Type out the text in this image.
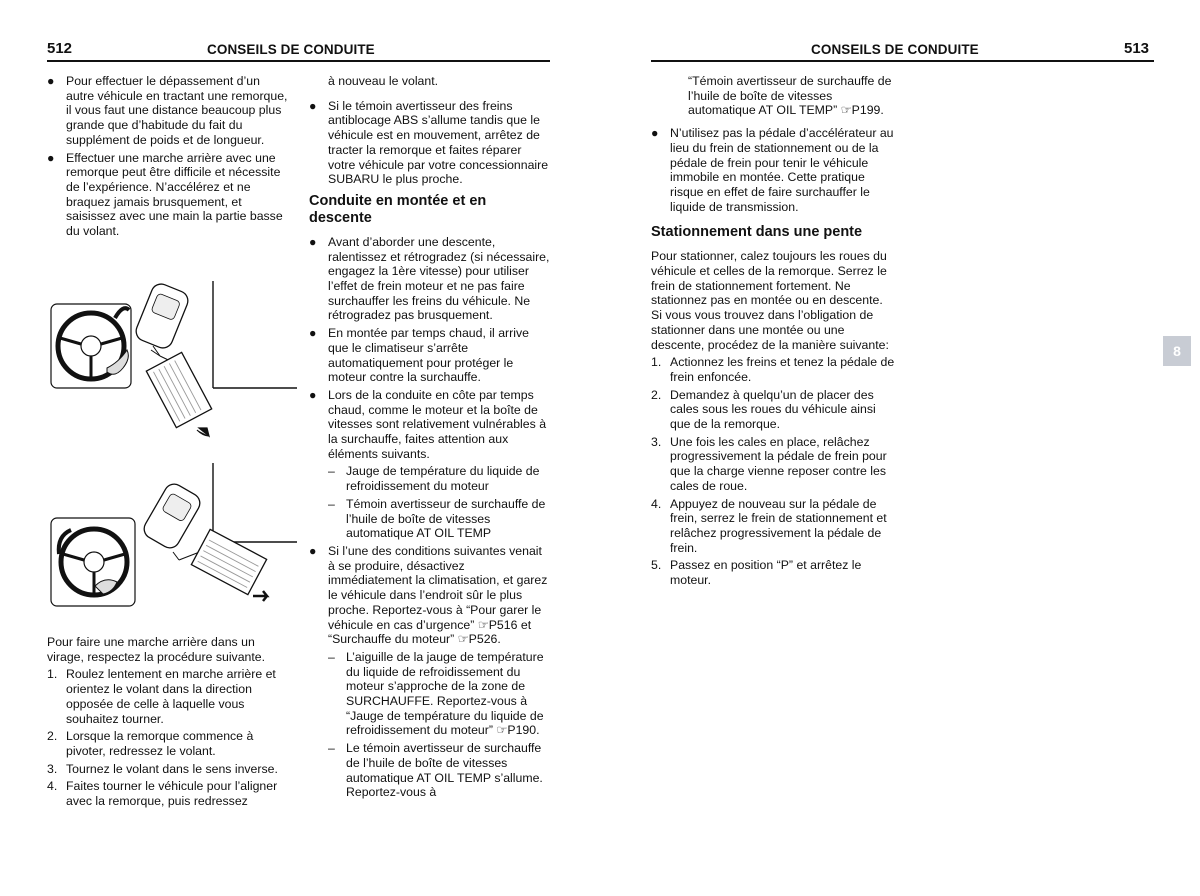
512	CONSEILS DE CONDUITE	CONSEILS DE CONDUITE	513
8
● Pour effectuer le dépassement d’un autre véhicule en tractant une remorque, il vous faut une distance beaucoup plus grande que d’habitude du fait du supplément de poids et de longueur.
● Effectuer une marche arrière avec une remorque peut être difficile et nécessite de l’expérience. N’accélérez et ne braquez jamais brusquement, et saisissez avec une main la partie basse du volant.

Pour faire une marche arrière dans un virage, respectez la procédure suivante.

1. Roulez lentement en marche arrière et orientez le volant dans la direction opposée de celle à laquelle vous souhaitez tourner.
2. Lorsque la remorque commence à pivoter, redressez le volant.
3. Tournez le volant dans le sens inverse.
4. Faites tourner le véhicule pour l’aligner avec la remorque, puis redressez

à nouveau le volant.

● Si le témoin avertisseur des freins antiblocage ABS s’allume tandis que le véhicule est en mouvement, arrêtez de tracter la remorque et faites réparer votre véhicule par votre concessionnaire SUBARU le plus proche.
Conduite en montée et en descente
● Avant d’aborder une descente, ralentissez et rétrogradez (si nécessaire, engagez la 1ère vitesse) pour utiliser l’effet de frein moteur et ne pas faire surchauffer les freins du véhicule. Ne rétrogradez pas brusquement.
● En montée par temps chaud, il arrive que le climatiseur s’arrête automatiquement pour protéger le moteur contre la surchauffe.
● Lors de la conduite en côte par temps chaud, comme le moteur et la boîte de vitesses sont relativement vulnérables à la surchauffe, faites attention aux éléments suivants.
– Jauge de température du liquide de refroidissement du moteur
– Témoin avertisseur de surchauffe de l’huile de boîte de vitesses automatique AT OIL TEMP
● Si l’une des conditions suivantes venait à se produire, désactivez immédiatement la climatisation, et garez le véhicule dans l’endroit sûr le plus proche. Reportez-vous à “Pour garer le véhicule en cas d’urgence” ☞P516 et “Surchauffe du moteur” ☞P526.
– L’aiguille de la jauge de température du liquide de refroidissement du moteur s’approche de la zone de SURCHAUFFE. Reportez-vous à “Jauge de température du liquide de refroidissement du moteur” ☞P190.
– Le témoin avertisseur de surchauffe de l’huile de boîte de vitesses automatique AT OIL TEMP s’allume. Reportez-vous à

“Témoin avertisseur de surchauffe de l’huile de boîte de vitesses automatique AT OIL TEMP” ☞P199.

● N’utilisez pas la pédale d’accélérateur au lieu du frein de stationnement ou de la pédale de frein pour tenir le véhicule immobile en montée. Cette pratique risque en effet de faire surchauffer le liquide de transmission.
Stationnement dans une pente

Pour stationner, calez toujours les roues du véhicule et celles de la remorque. Serrez le frein de stationnement fortement. Ne stationnez pas en montée ou en descente. Si vous vous trouvez dans l’obligation de stationner dans une montée ou une descente, procédez de la manière suivante:

1. Actionnez les freins et tenez la pédale de frein enfoncée.
2. Demandez à quelqu’un de placer des cales sous les roues du véhicule ainsi que de la remorque.
3. Une fois les cales en place, relâchez progressivement la pédale de frein pour que la charge vienne reposer contre les cales de roue.
4. Appuyez de nouveau sur la pédale de frein, serrez le frein de stationnement et relâchez progressivement la pédale de frein.
5. Passez en position “P” et arrêtez le moteur.
